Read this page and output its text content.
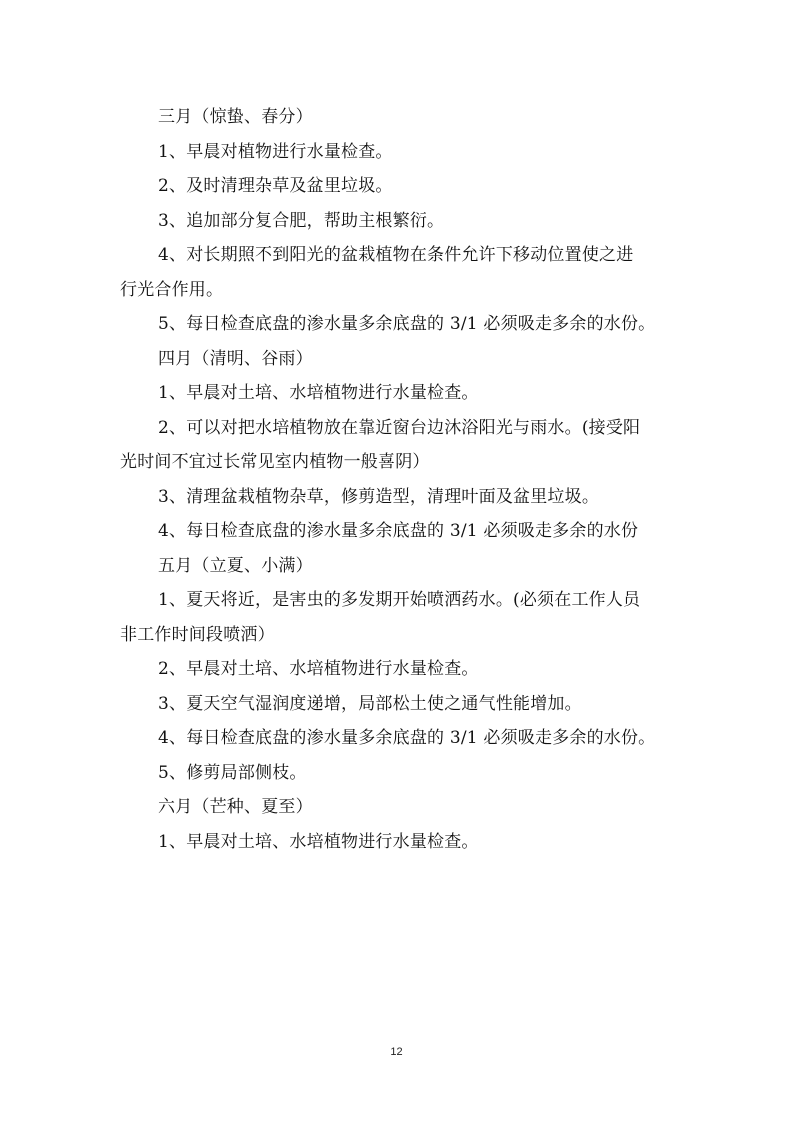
三月（惊蛰、春分）
1、早晨对植物进行水量检查。
2、及时清理杂草及盆里垃圾。
3、追加部分复合肥，帮助主根繁衍。
4、对长期照不到阳光的盆栽植物在条件允许下移动位置使之进
行光合作用。
5、每日检查底盘的渗水量多余底盘的 3/1 必须吸走多余的水份。
四月（清明、谷雨）
1、早晨对土培、水培植物进行水量检查。
2、可以对把水培植物放在靠近窗台边沐浴阳光与雨水。(接受阳
光时间不宜过长常见室内植物一般喜阴）
3、清理盆栽植物杂草，修剪造型，清理叶面及盆里垃圾。
4、每日检查底盘的渗水量多余底盘的 3/1 必须吸走多余的水份
五月（立夏、小满）
1、夏天将近，是害虫的多发期开始喷洒药水。(必须在工作人员
非工作时间段喷洒）
2、早晨对土培、水培植物进行水量检查。
3、夏天空气湿润度递增，局部松土使之通气性能增加。
4、每日检查底盘的渗水量多余底盘的 3/1 必须吸走多余的水份。
5、修剪局部侧枝。
六月（芒种、夏至）
1、早晨对土培、水培植物进行水量检查。
12
